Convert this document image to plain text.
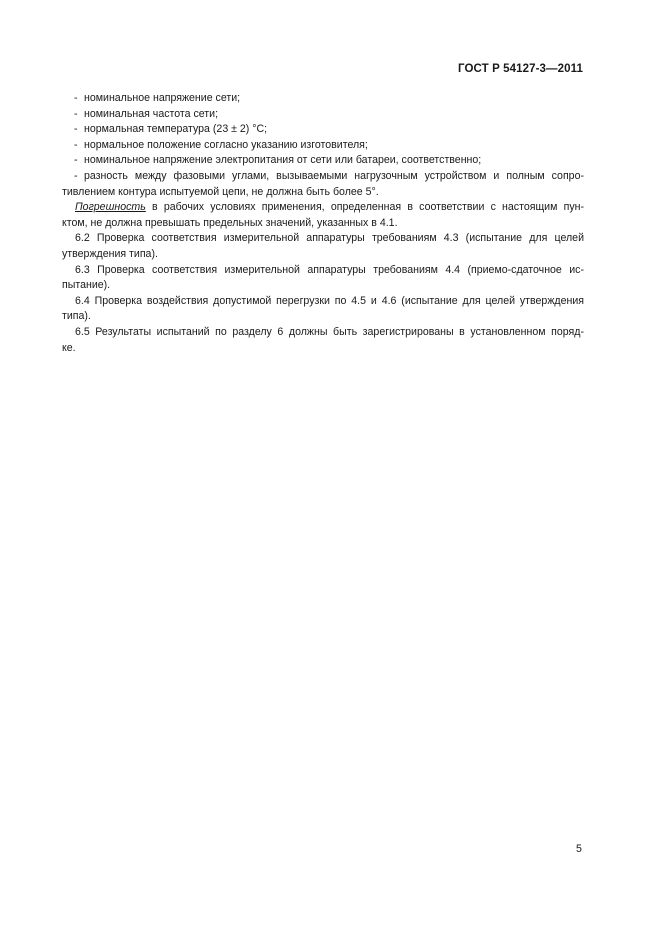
ГОСТ Р 54127-3—2011
- номинальное напряжение сети;
- номинальная частота сети;
- нормальная температура (23 ± 2) °С;
- нормальное положение согласно указанию изготовителя;
- номинальное напряжение электропитания от сети или батареи, соответственно;
- разность между фазовыми углами, вызываемыми нагрузочным устройством и полным сопро-
тивлением контура испытуемой цепи, не должна быть более 5°.
Погрешность в рабочих условиях применения, определенная в соответствии с настоящим пун-
ктом, не должна превышать предельных значений, указанных в 4.1.
6.2 Проверка соответствия измерительной аппаратуры требованиям 4.3 (испытание для целей
утверждения типа).
6.3 Проверка соответствия измерительной аппаратуры требованиям 4.4 (приемо-сдаточное ис-
пытание).
6.4 Проверка воздействия допустимой перегрузки по 4.5 и 4.6 (испытание для целей утверждения
типа).
6.5 Результаты испытаний по разделу 6 должны быть зарегистрированы в установленном поряд-
ке.
5
